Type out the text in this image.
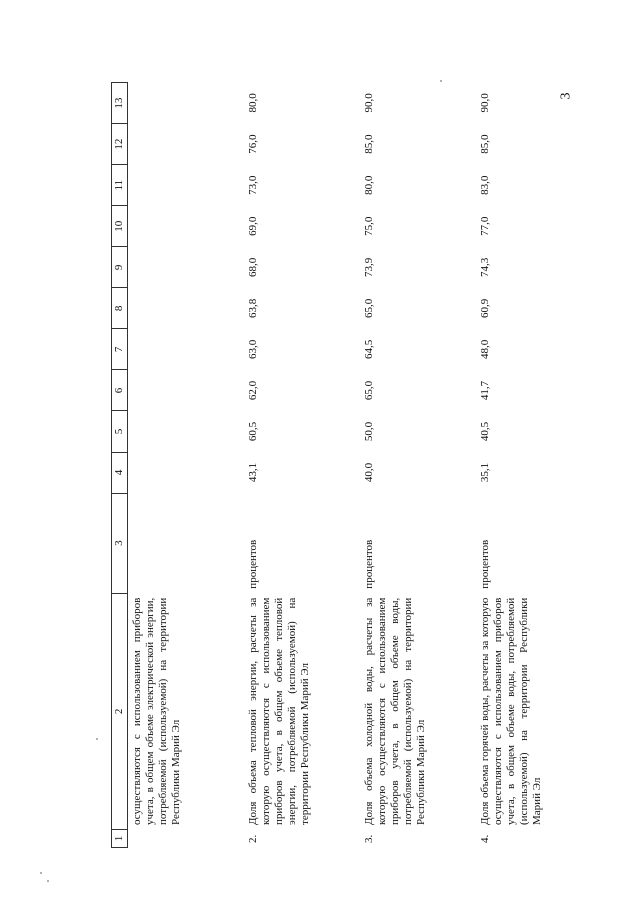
3
1	2	3	4	5	6	7	8	9	10	11	12	13
	осуществляются с использованием приборов учета, в общем объеме электрической энергии, потребляемой (используемой) на территории Республики Марий Эл											
2.	Доля объема тепловой энергии, расчеты за которую осуществляются с использованием приборов учета, в общем объеме тепловой энергии, потребляемой (используемой) на территории Республики Марий Эл	процентов	43,1	60,5	62,0	63,0	63,8	68,0	69,0	73,0	76,0	80,0
3.	Доля объема холодной воды, расчеты за которую осуществляются с использованием приборов учета, в общем объеме воды, потребляемой (используемой) на территории Республики Марий Эл	процентов	40,0	50,0	65,0	64,5	65,0	73,9	75,0	80,0	85,0	90,0
4.	Доля объема горячей воды, расчеты за которую осуществляются с использованием приборов учета, в общем объеме воды, потребляемой (используемой) на территории Республики Марий Эл	процентов	35,1	40,5	41,7	48,0	60,9	74,3	77,0	83,0	85,0	90,0
